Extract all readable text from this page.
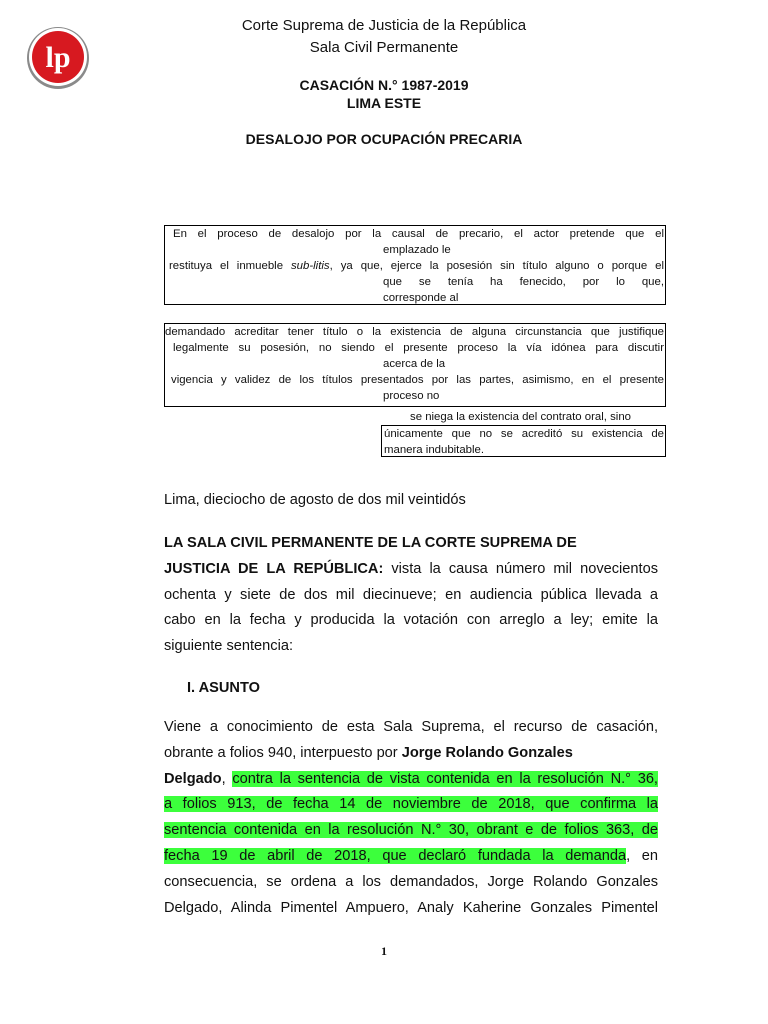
lp

Corte Suprema de Justicia de la República

Sala Civil Permanente

CASACIÓN N.° 1987-2019

LIMA ESTE

DESALOJO POR OCUPACIÓN PRECARIA

En el proceso de desalojo por la causal de precario, el actor pretende que el
emplazado le
restituya el inmueble sub-litis, ya que, ejerce la posesión sin título alguno o porque el
que se tenía ha fenecido, por lo que,
corresponde al
demandado acreditar tener título o la existencia de alguna circunstancia que justifique
legalmente su posesión, no siendo el presente proceso la vía idónea para discutir
acerca de la
vigencia y validez de los títulos presentados por las partes, asimismo, en el presente
proceso no
se niega la existencia del contrato oral, sino
únicamente que no se acreditó su existencia de
manera indubitable.

Lima, dieciocho de agosto de dos mil veintidós

LA SALA CIVIL PERMANENTE DE LA CORTE SUPREMA DE
JUSTICIA DE LA REPÚBLICA: vista la causa número mil novecientos
ochenta y siete de dos mil diecinueve; en audiencia pública llevada a
cabo en la fecha y producida la votación con arreglo a ley; emite la
siguiente sentencia:

I. ASUNTO

Viene a conocimiento de esta Sala Suprema, el recurso de casación,
obrante a folios 940, interpuesto por Jorge Rolando Gonzales
Delgado, contra la sentencia de vista contenida en la resolución N.° 36,
a folios 913, de fecha 14 de noviembre de 2018, que confirma la
sentencia contenida en la resolución N.° 30, obrant e de folios 363, de
fecha 19 de abril de 2018, que declaró fundada la demanda, en
consecuencia, se ordena a los demandados, Jorge Rolando Gonzales
Delgado, Alinda Pimentel Ampuero, Analy Kaherine Gonzales Pimentel
1
